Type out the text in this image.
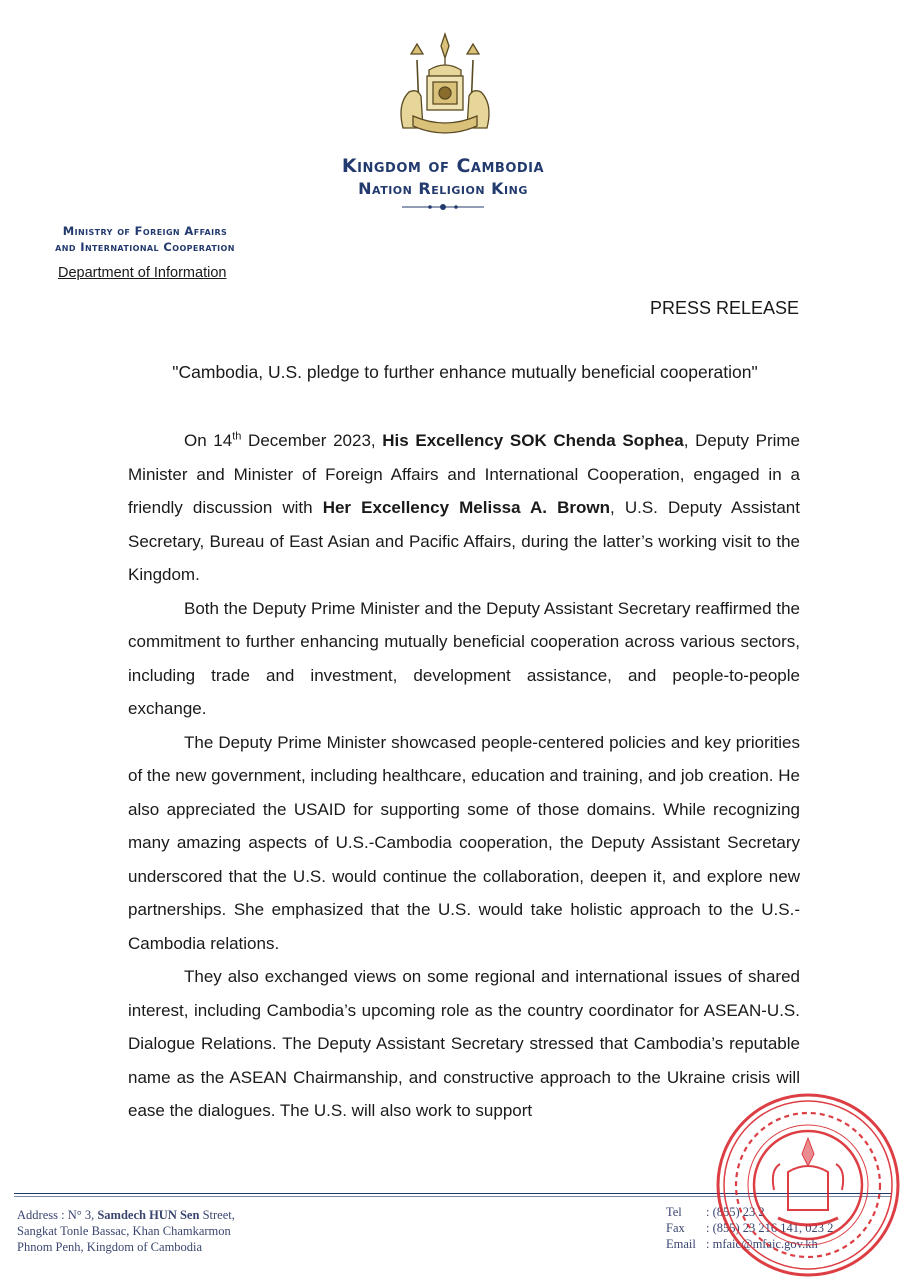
Kingdom of Cambodia
Nation Religion King
Ministry of Foreign Affairs
and International Cooperation
Department of Information
PRESS RELEASE
"Cambodia, U.S. pledge to further enhance mutually beneficial cooperation"

On 14th December 2023, His Excellency SOK Chenda Sophea, Deputy Prime Minister and Minister of Foreign Affairs and International Cooperation, engaged in a friendly discussion with Her Excellency Melissa A. Brown, U.S. Deputy Assistant Secretary, Bureau of East Asian and Pacific Affairs, during the latter’s working visit to the Kingdom.

Both the Deputy Prime Minister and the Deputy Assistant Secretary reaffirmed the commitment to further enhancing mutually beneficial cooperation across various sectors, including trade and investment, development assistance, and people-to-people exchange.

The Deputy Prime Minister showcased people-centered policies and key priorities of the new government, including healthcare, education and training, and job creation. He also appreciated the USAID for supporting some of those domains. While recognizing many amazing aspects of U.S.-Cambodia cooperation, the Deputy Assistant Secretary underscored that the U.S. would continue the collaboration, deepen it, and explore new partnerships. She emphasized that the U.S. would take holistic approach to the U.S.-Cambodia relations.

They also exchanged views on some regional and international issues of shared interest, including Cambodia’s upcoming role as the country coordinator for ASEAN-U.S. Dialogue Relations. The Deputy Assistant Secretary stressed that Cambodia’s reputable name as the ASEAN Chairmanship, and constructive approach to the Ukraine crisis will ease the dialogues. The U.S. will also work to support

Address : N° 3, Samdech HUN Sen Street,
Sangkat Tonle Bassac, Khan Chamkarmon
Phnom Penh, Kingdom of Cambodia
Tel : (855) 23 2
Fax : (855) 23 216 141, 023 2
Email : mfaic@mfaic.gov.kh
